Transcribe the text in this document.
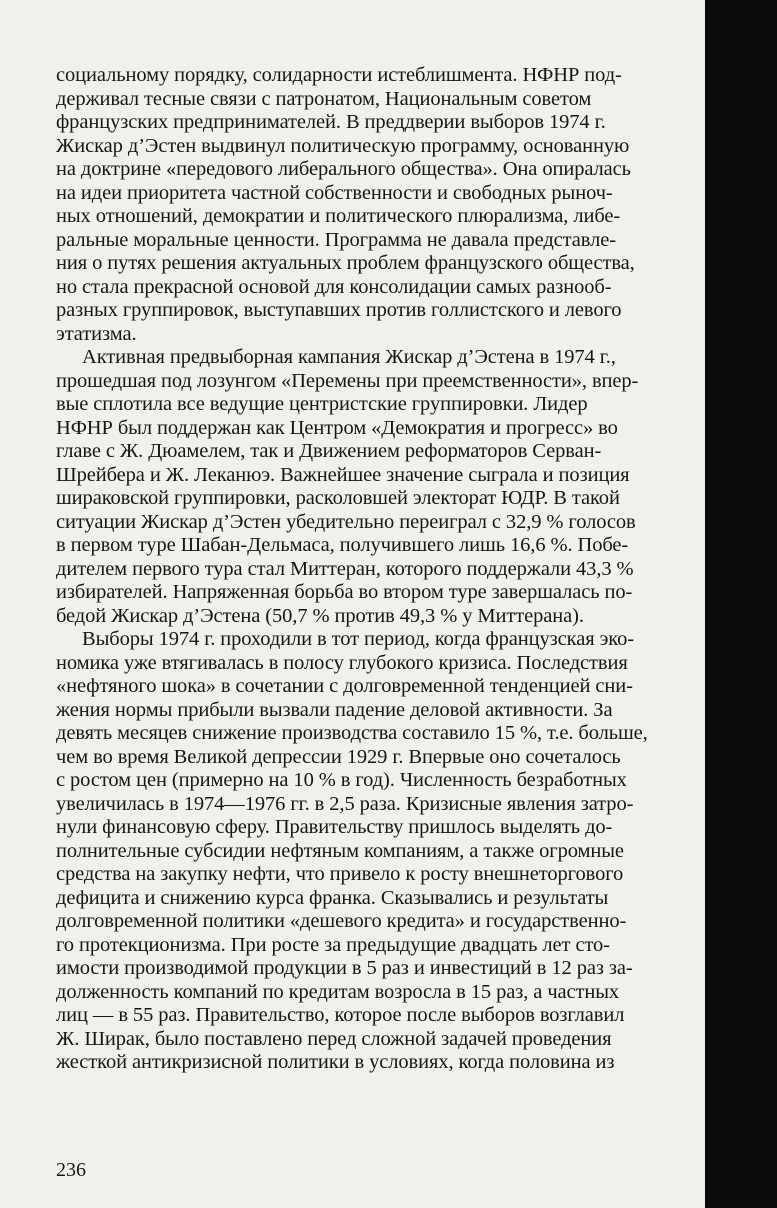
социальному порядку, солидарности истеблишмента. НФНР под-
держивал тесные связи с патронатом, Национальным советом
французских предпринимателей. В преддверии выборов 1974 г.
Жискар д’Эстен выдвинул политическую программу, основанную
на доктрине «передового либерального общества». Она опиралась
на идеи приоритета частной собственности и свободных рыноч-
ных отношений, демократии и политического плюрализма, либе-
ральные моральные ценности. Программа не давала представле-
ния о путях решения актуальных проблем французского общества,
но стала прекрасной основой для консолидации самых разнооб-
разных группировок, выступавших против голлистского и левого
этатизма.
Активная предвыборная кампания Жискар д’Эстена в 1974 г.,
прошедшая под лозунгом «Перемены при преемственности», впер-
вые сплотила все ведущие центристские группировки. Лидер
НФНР был поддержан как Центром «Демократия и прогресс» во
главе с Ж. Дюамелем, так и Движением реформаторов Серван-
Шрейбера и Ж. Леканюэ. Важнейшее значение сыграла и позиция
шираковской группировки, расколовшей электорат ЮДР. В такой
ситуации Жискар д’Эстен убедительно переиграл с 32,9 % голосов
в первом туре Шабан-Дельмаса, получившего лишь 16,6 %. Побе-
дителем первого тура стал Миттеран, которого поддержали 43,3 %
избирателей. Напряженная борьба во втором туре завершалась по-
бедой Жискар д’Эстена (50,7 % против 49,3 % у Миттерана).
Выборы 1974 г. проходили в тот период, когда французская эко-
номика уже втягивалась в полосу глубокого кризиса. Последствия
«нефтяного шока» в сочетании с долговременной тенденцией сни-
жения нормы прибыли вызвали падение деловой активности. За
девять месяцев снижение производства составило 15 %, т.е. больше,
чем во время Великой депрессии 1929 г. Впервые оно сочеталось
с ростом цен (примерно на 10 % в год). Численность безработных
увеличилась в 1974—1976 гг. в 2,5 раза. Кризисные явления затро-
нули финансовую сферу. Правительству пришлось выделять до-
полнительные субсидии нефтяным компаниям, а также огромные
средства на закупку нефти, что привело к росту внешнеторгового
дефицита и снижению курса франка. Сказывались и результаты
долговременной политики «дешевого кредита» и государственно-
го протекционизма. При росте за предыдущие двадцать лет сто-
имости производимой продукции в 5 раз и инвестиций в 12 раз за-
долженность компаний по кредитам возросла в 15 раз, а частных
лиц — в 55 раз. Правительство, которое после выборов возглавил
Ж. Ширак, было поставлено перед сложной задачей проведения
жесткой антикризисной политики в условиях, когда половина из
236
